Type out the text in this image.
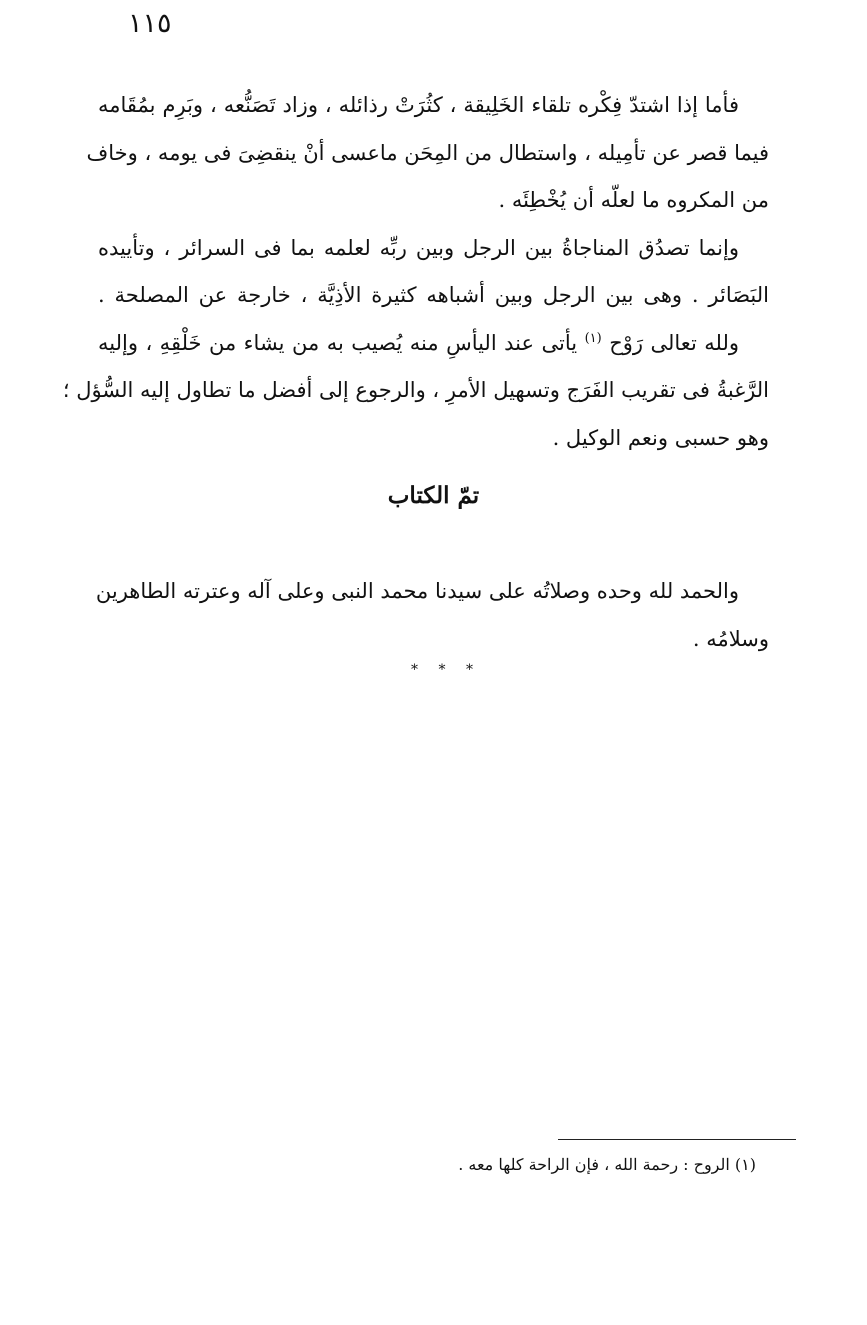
١١٥

فأما إذا اشتدّ فِكْره تلقاء الخَلِيقة ، كثُرَتْ رذائله ، وزاد تَصَنُّعه ، وبَرِم بمُقَامه
فيما قصر عن تأمِيله ، واستطال من المِحَن ماعسى أنْ ينقضِىَ فى يومه ، وخاف
من المكروه ما لعلّه أن يُخْطِئَه .

وإنما تصدُق المناجاةُ بين الرجل وبين ربِّه لعلمه بما فى السرائر ، وتأييده
البَصَائر . وهى بين الرجل وبين أشباهه كثيرة الأذِيَّة ، خارجة عن المصلحة .

ولله تعالى رَوْح $^{(١)}$ يأتى عند اليأسِ منه يُصيب به من يشاء من خَلْقِهِ ، وإليه
الرَّغبةُ فى تقريب الفَرَج وتسهيل الأمرِ ، والرجوع إلى أفضل ما تطاول إليه السُّؤل ؛
وهو حسبى ونعم الوكيل .

تمّ الكتاب

والحمد لله وحده وصلاتُه على سيدنا محمد النبى وعلى آله وعترته الطاهرين
وسلامُه .

* * *
(١) الروح : رحمة الله ، فإن الراحة كلها معه .
